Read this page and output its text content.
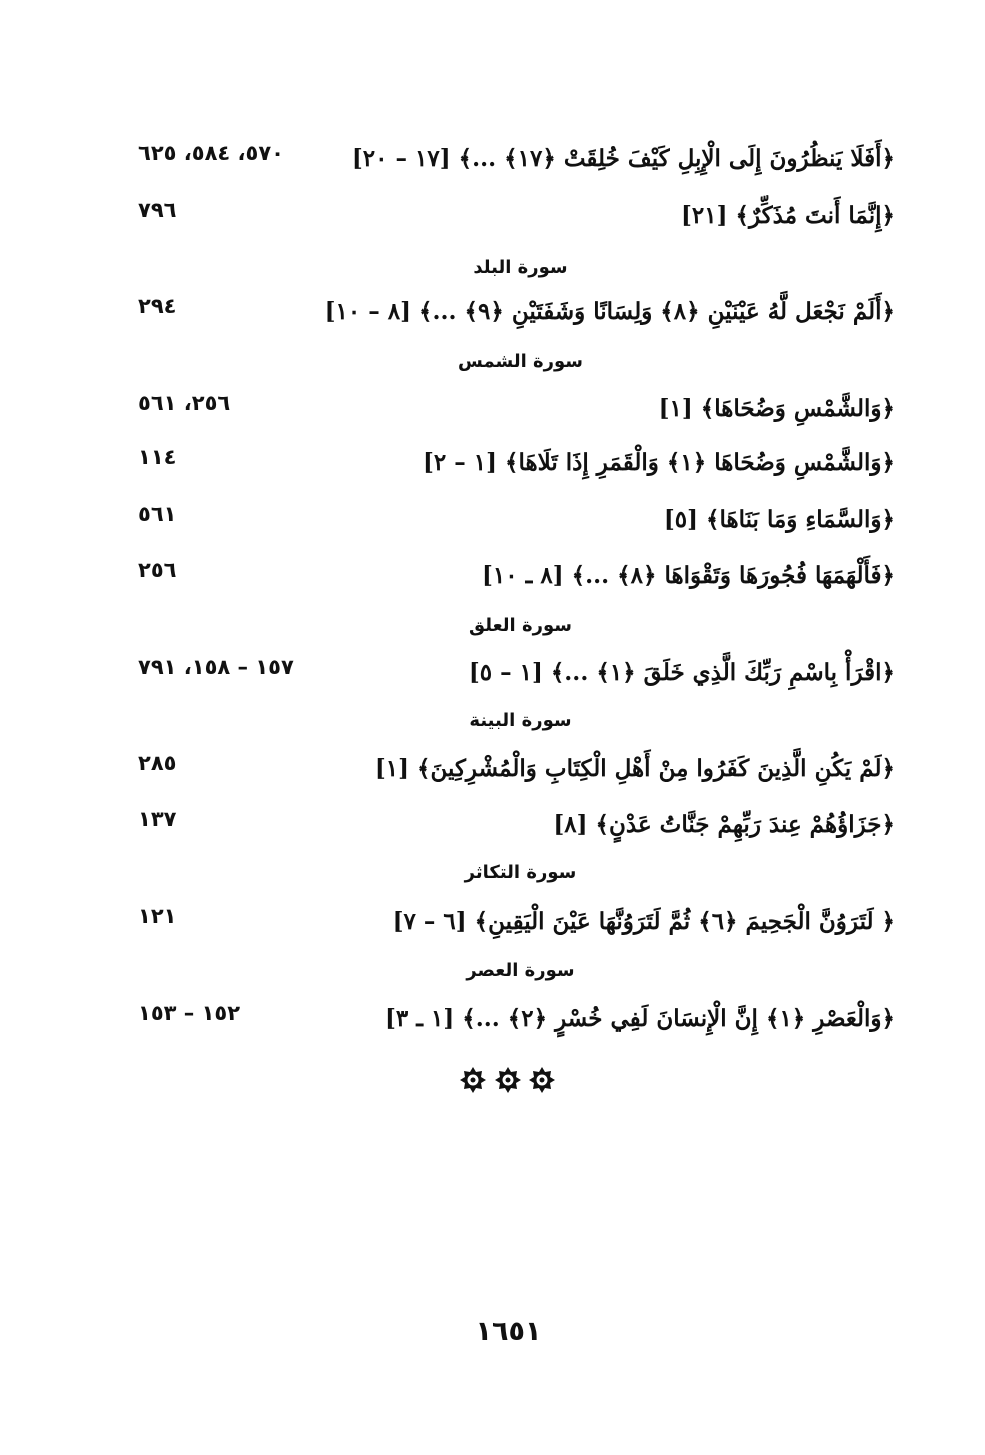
﴿أَفَلَا يَنظُرُونَ إِلَى الْإِبِلِ كَيْفَ خُلِقَتْ ﴿١٧﴾ ...﴾ [١٧ – ٢٠]
٥٧٠، ٥٨٤، ٦٢٥
﴿إِنَّمَا أَنتَ مُذَكِّرٌ﴾ [٢١]
٧٩٦
سورة البلد
﴿أَلَمْ نَجْعَل لَّهُ عَيْنَيْنِ ﴿٨﴾ وَلِسَانًا وَشَفَتَيْنِ ﴿٩﴾ ...﴾ [٨ – ١٠]
٢٩٤
سورة الشمس
﴿وَالشَّمْسِ وَضُحَاهَا﴾ [١]
٢٥٦، ٥٦١
﴿وَالشَّمْسِ وَضُحَاهَا ﴿١﴾ وَالْقَمَرِ إِذَا تَلَاهَا﴾ [١ – ٢]
١١٤
﴿وَالسَّمَاءِ وَمَا بَنَاهَا﴾ [٥]
٥٦١
﴿فَأَلْهَمَهَا فُجُورَهَا وَتَقْوَاهَا ﴿٨﴾ ...﴾ [٨ ـ ١٠]
٢٥٦
سورة العلق
﴿اقْرَأْ بِاسْمِ رَبِّكَ الَّذِي خَلَقَ ﴿١﴾ ...﴾ [١ – ٥]
١٥٧ – ١٥٨، ٧٩١
سورة البينة
﴿لَمْ يَكُنِ الَّذِينَ كَفَرُوا مِنْ أَهْلِ الْكِتَابِ وَالْمُشْرِكِينَ﴾ [١]
٢٨٥
﴿جَزَاؤُهُمْ عِندَ رَبِّهِمْ جَنَّاتُ عَدْنٍ﴾ [٨]
١٣٧
سورة التكاثر
﴿ لَتَرَوُنَّ الْجَحِيمَ ﴿٦﴾ ثُمَّ لَتَرَوُنَّهَا عَيْنَ الْيَقِينِ﴾ [٦ – ٧]
١٢١
سورة العصر
﴿وَالْعَصْرِ ﴿١﴾ إِنَّ الْإِنسَانَ لَفِي خُسْرٍ ﴿٢﴾ ...﴾ [١ ـ ٣]
١٥٢ – ١٥٣
١٦٥١
